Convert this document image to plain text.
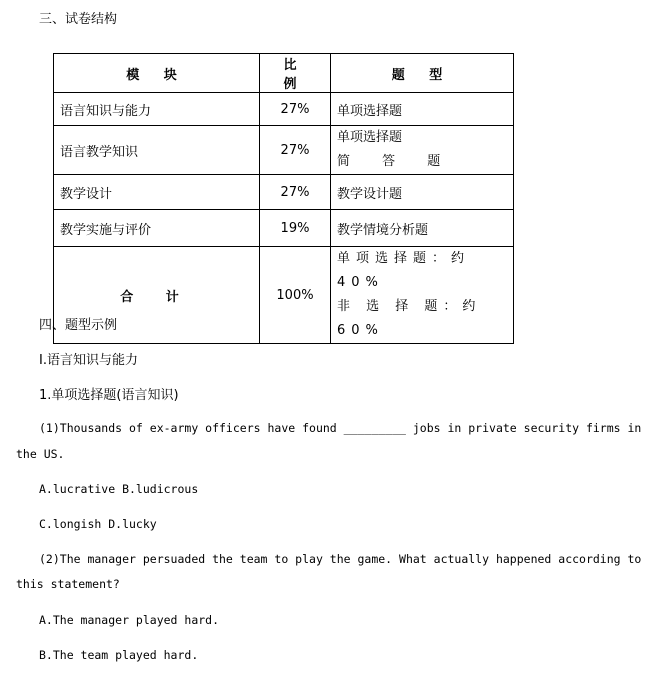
三、试卷结构
模 块	比 例	题 型
语言知识与能力	27%	单项选择题
语言教学知识	27%	单项选择题
简 答 题

教学设计	27%	教学设计题
教学实施与评价	19%	教学情境分析题
合 计	100%	单项选择题：约 40%
非 选 择 题：约 60%
四、题型示例
I.语言知识与能力
1.单项选择题(语言知识)
(1)Thousands of ex-army officers have found _________ jobs in private security firms in
the US.
A.lucrative B.ludicrous
C.longish D.lucky
(2)The manager persuaded the team to play the game. What actually happened according to
this statement?
A.The manager played hard.
B.The team played hard.
